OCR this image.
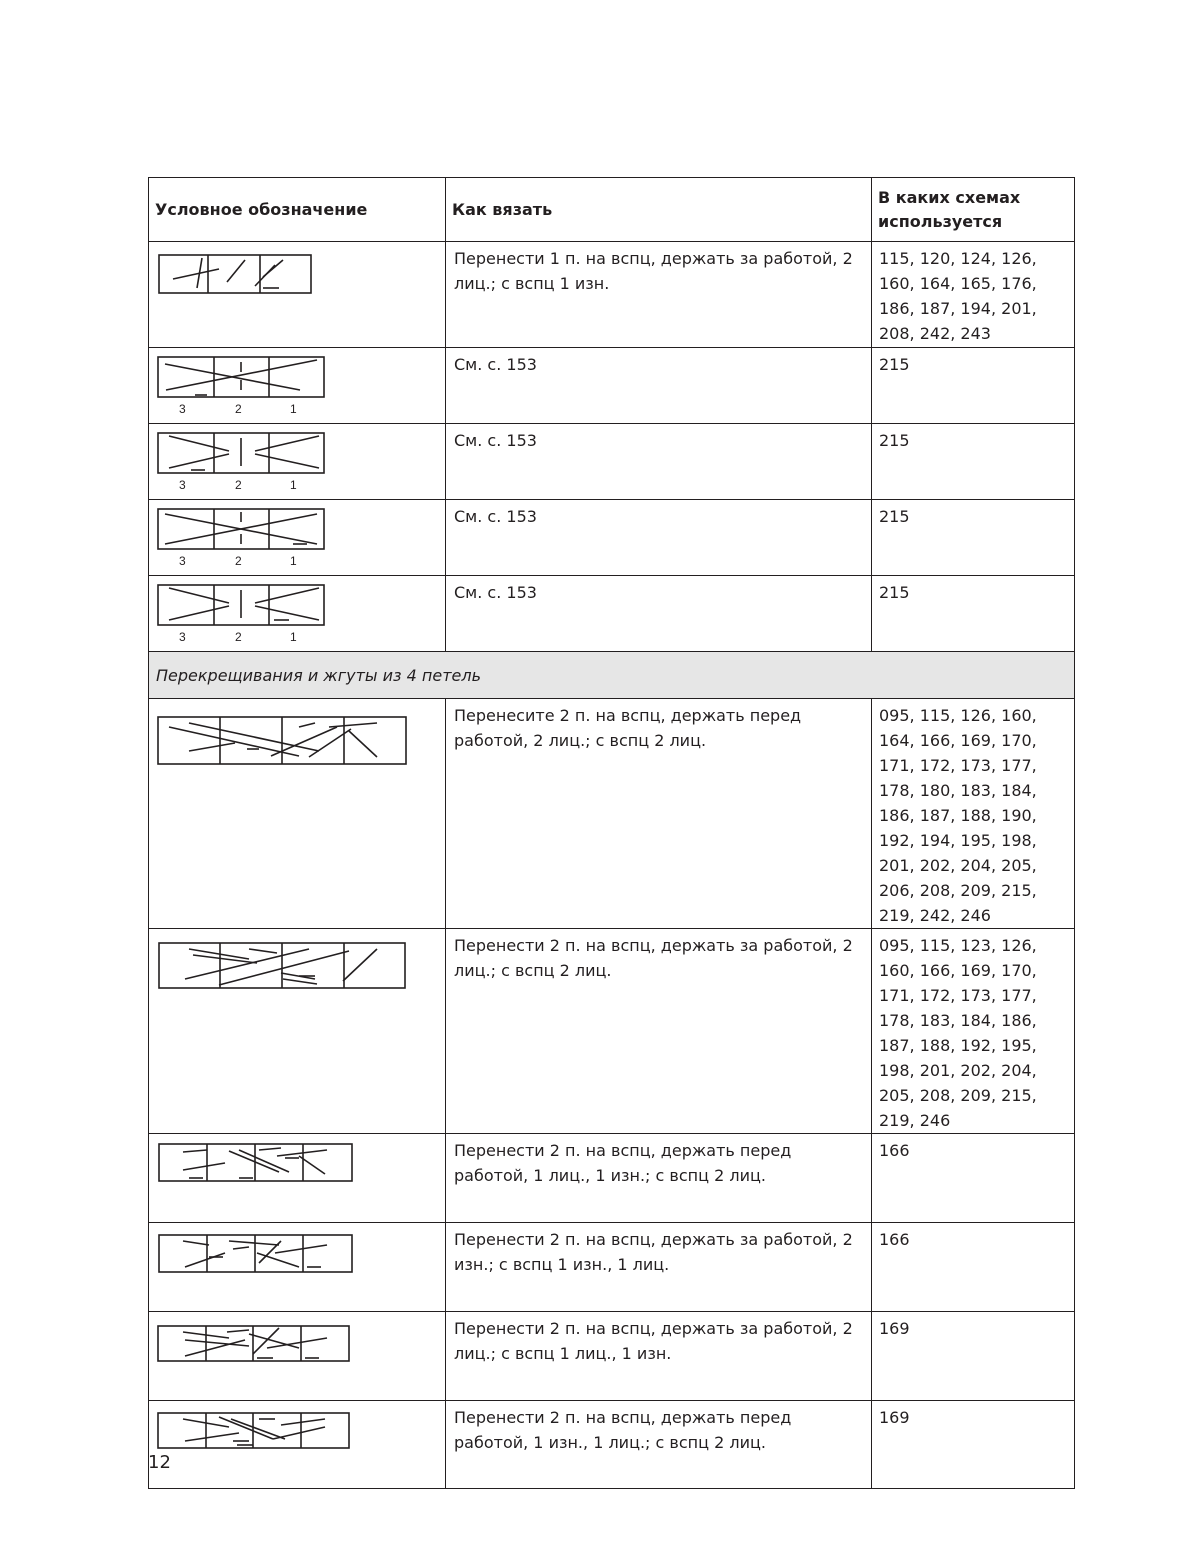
Условное обозначение	Как вязать	В каких схемах используется

	Перенести 1 п. на вспц, держать за работой, 2 лиц.; с вспц 1 изн.	115, 120, 124, 126, 160, 164, 165, 176, 186, 187, 194, 201, 208, 242, 243

3 2 1	См. с. 153	215

3 2 1	См. с. 153	215

3 2 1	См. с. 153	215

3 2 1	См. с. 153	215
Перекрещивания и жгуты из 4 петель		

	Перенесите 2 п. на вспц, держать перед работой, 2 лиц.; с вспц 2 лиц.	095, 115, 126, 160, 164, 166, 169, 170, 171, 172, 173, 177, 178, 180, 183, 184, 186, 187, 188, 190, 192, 194, 195, 198, 201, 202, 204, 205, 206, 208, 209, 215, 219, 242, 246

	Перенести 2 п. на вспц, держать за работой, 2 лиц.; с вспц 2 лиц.	095, 115, 123, 126, 160, 166, 169, 170, 171, 172, 173, 177, 178, 183, 184, 186, 187, 188, 192, 195, 198, 201, 202, 204, 205, 208, 209, 215, 219, 246

	Перенести 2 п. на вспц, держать перед работой, 1 лиц., 1 изн.; с вспц 2 лиц.	166

	Перенести 2 п. на вспц, держать за работой, 2 изн.; с вспц 1 изн., 1 лиц.	166

	Перенести 2 п. на вспц, держать за работой, 2 лиц.; с вспц 1 лиц., 1 изн.	169

	Перенести 2 п. на вспц, держать перед работой, 1 изн., 1 лиц.; с вспц 2 лиц.	169
12
